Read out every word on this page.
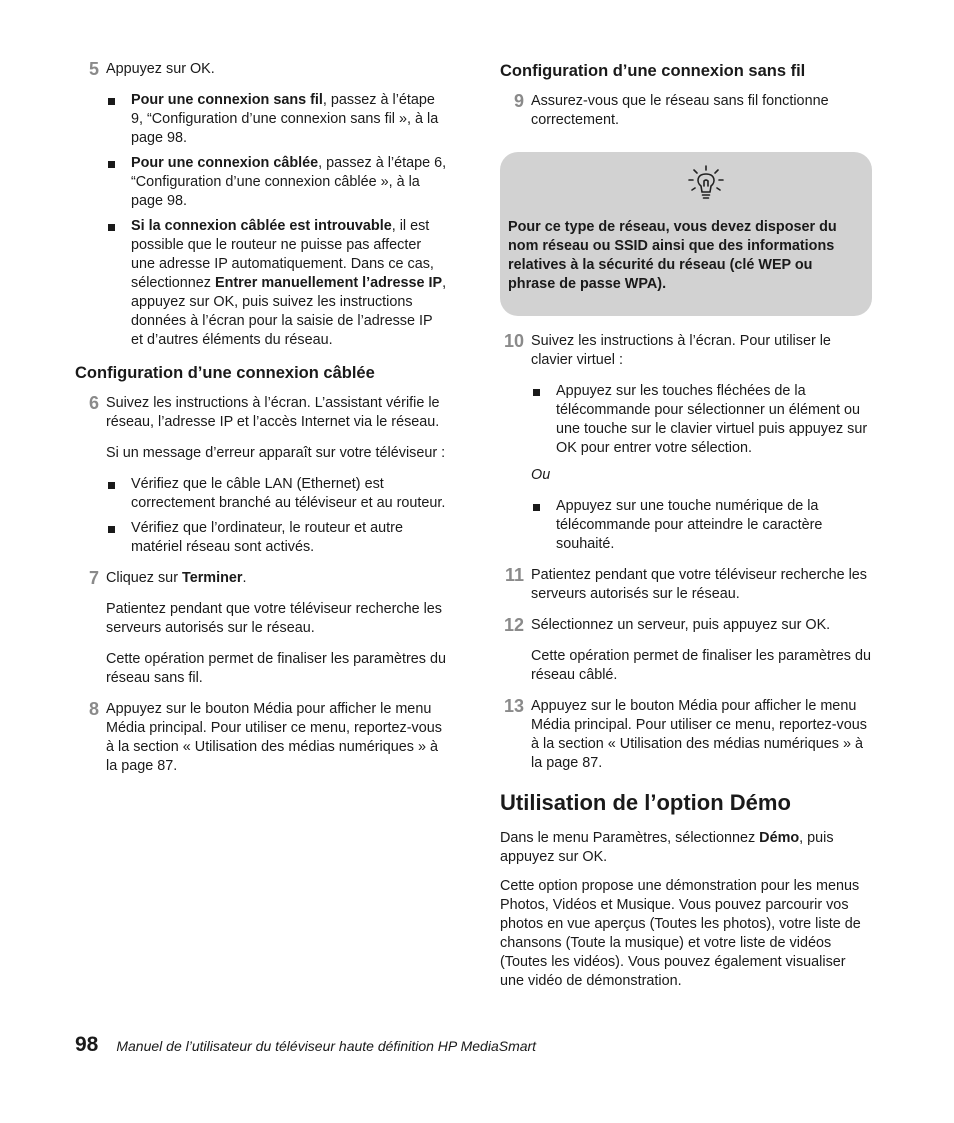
5 Appuyez sur OK.

Pour une connexion sans fil, passez à l’étape 9, “Configuration d’une connexion sans fil », à la page 98.
Pour une connexion câblée, passez à l’étape 6, “Configuration d’une connexion câblée », à la page 98.
Si la connexion câblée est introuvable, il est possible que le routeur ne puisse pas affecter une adresse IP automatiquement. Dans ce cas, sélectionnez Entrer manuellement l’adresse IP, appuyez sur OK, puis suivez les instructions données à l’écran pour la saisie de l’adresse IP et d’autres éléments du réseau.
Configuration d’une connexion câblée
6 Suivez les instructions à l’écran. L’assistant vérifie le réseau, l’adresse IP et l’accès Internet via le réseau.

Si un message d’erreur apparaît sur votre téléviseur :

Vérifiez que le câble LAN (Ethernet) est correctement branché au téléviseur et au routeur.
Vérifiez que l’ordinateur, le routeur et autre matériel réseau sont activés.
7 Cliquez sur Terminer.

Patientez pendant que votre téléviseur recherche les serveurs autorisés sur le réseau.

Cette opération permet de finaliser les paramètres du réseau sans fil.

8 Appuyez sur le bouton Média pour afficher le menu Média principal. Pour utiliser ce menu, reportez-vous à la section « Utilisation des médias numériques » à la page 87.

Configuration d’une connexion sans fil
9 Assurez-vous que le réseau sans fil fonctionne correctement.

Pour ce type de réseau, vous devez disposer du nom réseau ou SSID ainsi que des informations relatives à la sécurité du réseau (clé WEP ou phrase de passe WPA).

10 Suivez les instructions à l’écran. Pour utiliser le clavier virtuel :

Appuyez sur les touches fléchées de la télécommande pour sélectionner un élément ou une touche sur le clavier virtuel puis appuyez sur OK pour entrer votre sélection.

Ou

Appuyez sur une touche numérique de la télécommande pour atteindre le caractère souhaité.
11 Patientez pendant que votre téléviseur recherche les serveurs autorisés sur le réseau.

12 Sélectionnez un serveur, puis appuyez sur OK.

Cette opération permet de finaliser les paramètres du réseau câblé.

13 Appuyez sur le bouton Média pour afficher le menu Média principal. Pour utiliser ce menu, reportez-vous à la section « Utilisation des médias numériques » à la page 87.

Utilisation de l’option Démo

Dans le menu Paramètres, sélectionnez Démo, puis appuyez sur OK.

Cette option propose une démonstration pour les menus Photos, Vidéos et Musique. Vous pouvez parcourir vos photos en vue aperçus (Toutes les photos), votre liste de chansons (Toute la musique) et votre liste de vidéos (Toutes les vidéos). Vous pouvez également visualiser une vidéo de démonstration.

98 Manuel de l’utilisateur du téléviseur haute définition HP MediaSmart
